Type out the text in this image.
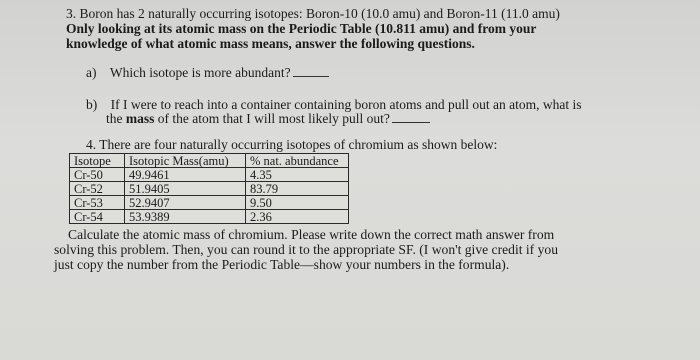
3. Boron has 2 naturally occurring isotopes: Boron-10 (10.0 amu) and Boron-11 (11.0 amu)
Only looking at its atomic mass on the Periodic Table (10.811 amu) and from your
knowledge of what atomic mass means, answer the following questions.
a) Which isotope is more abundant?
b) If I were to reach into a container containing boron atoms and pull out an atom, what is
the mass of the atom that I will most likely pull out?
4. There are four naturally occurring isotopes of chromium as shown below:
Isotope	Isotopic Mass(amu)	% nat. abundance
Cr-50	49.9461	4.35
Cr-52	51.9405	83.79
Cr-53	52.9407	9.50
Cr-54	53.9389	2.36
Calculate the atomic mass of chromium. Please write down the correct math answer from
solving this problem. Then, you can round it to the appropriate SF. (I won't give credit if you
just copy the number from the Periodic Table—show your numbers in the formula).
